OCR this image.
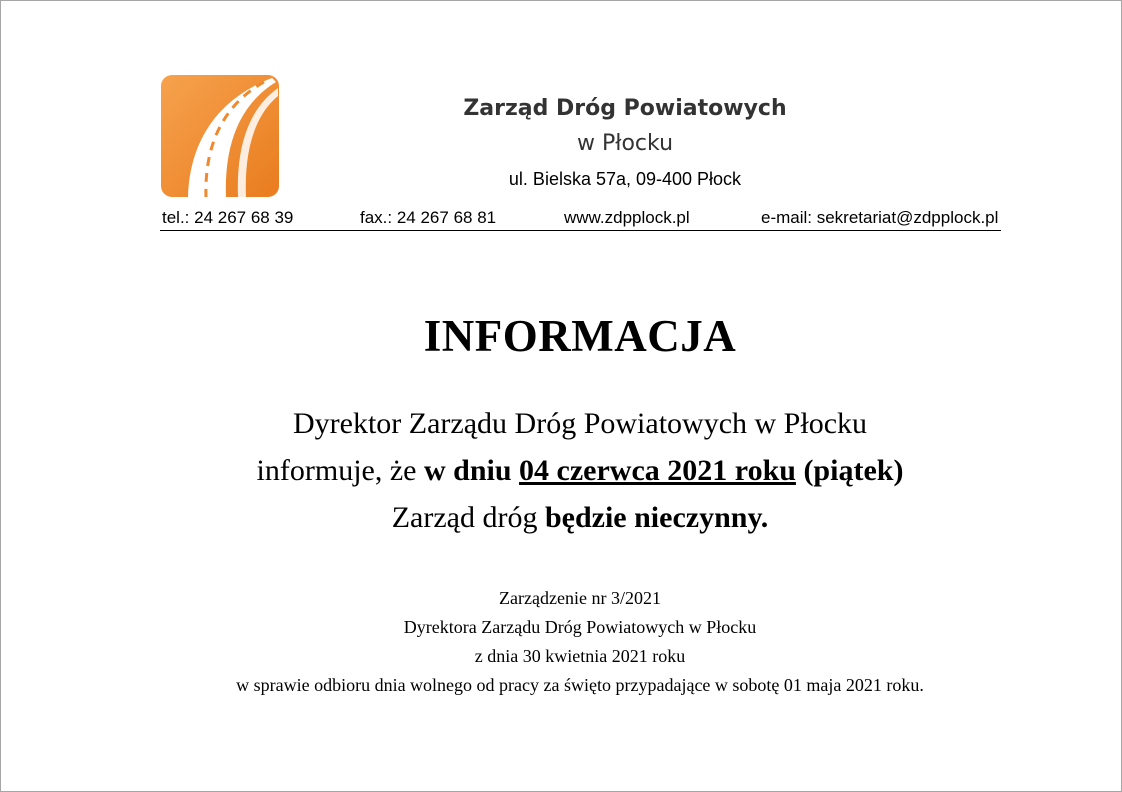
Zarząd Dróg Powiatowych
w Płocku
ul. Bielska 57a, 09-400 Płock
tel.: 24 267 68 39	fax.: 24 267 68 81	www.zdpplock.pl	e-mail: sekretariat@zdpplock.pl
INFORMACJA
Dyrektor Zarządu Dróg Powiatowych w Płocku
informuje, że w dniu 04 czerwca 2021 roku (piątek)
Zarząd dróg będzie nieczynny.
Zarządzenie nr 3/2021
Dyrektora Zarządu Dróg Powiatowych w Płocku
z dnia 30 kwietnia 2021 roku
w sprawie odbioru dnia wolnego od pracy za święto przypadające w sobotę 01 maja 2021 roku.
